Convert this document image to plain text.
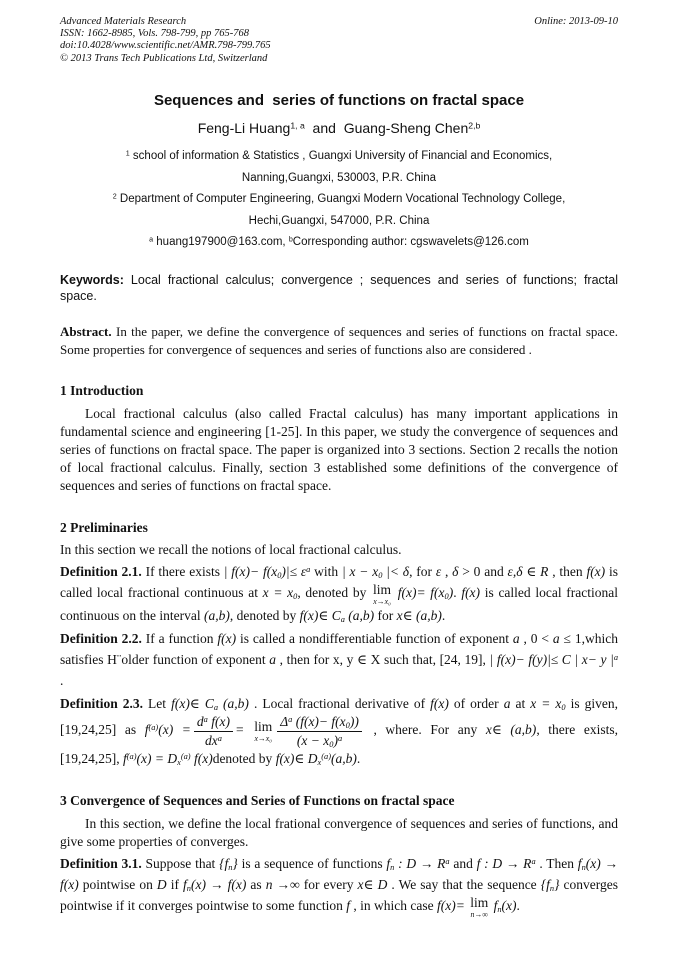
Advanced Materials Research
ISSN: 1662-8985, Vols. 798-799, pp 765-768
doi:10.4028/www.scientific.net/AMR.798-799.765
© 2013 Trans Tech Publications Ltd, Switzerland
Online: 2013-09-10
Sequences and  series of functions on fractal space
Feng-Li Huang$^{1, a}$  and  Guang-Sheng Chen$^{2,b}$
$^1$ school of information & Statistics , Guangxi University of Financial and Economics,
Nanning,Guangxi, 530003, P.R. China
$^2$ Department of Computer Engineering, Guangxi Modern Vocational Technology College,
Hechi,Guangxi, 547000, P.R. China
$^a$ huang197900@163.com, $^b$Corresponding author: cgswavelets@126.com

Keywords: Local fractional calculus; convergence ; sequences and series of functions; fractal space.

Abstract. In the paper, we define the convergence of sequences and series of functions on fractal space. Some properties for convergence of sequences and series of functions also are considered .

1 Introduction

Local fractional calculus (also called Fractal calculus) has many important applications in fundamental science and engineering [1-25]. In this paper, we study the convergence of sequences and series of functions on fractal space. The paper is organized into 3 sections. Section 2 recalls the notion of local fractional calculus. Finally, section 3 established some definitions of the convergence of sequences and series of functions on fractal space.

2 Preliminaries

In this section we recall the notions of local fractional calculus.

Definition 2.1. If there exists | $f(x)- f(x0)|\le \varepsilon^a$ with | x − x0 |< δ, for ε , δ > 0 and ε,δ ∈ R , then f(x) is called local fractional continuous at x = x0, denoted by lim
x→x₀
f(x)= f(x0). f(x) is called local fractional continuous on the interval (a,b), denoted by f(x)∈ Ca (a,b) for x∈ (a,b).

Definition 2.2. If a function f(x) is called a nondifferentiable function of exponent a , 0 < a ≤ 1,which satisfies H¨older function of exponent a , then for x, y ∈ X such that, [24, 19], | f(x)− f(y)|≤ C | x− y $|^a$ .

Definition 2.3. Let f(x)∈ Ca (a,b) . Local fractional derivative of f(x) of order a at x = x0 is given, [19,24,25] as $f^{(a)}(x) = \frac{d^a f(x)}{dx^a} = \lim$
$x\to x_0 \frac{\Delta^a (f(x)- f(x0))}{(x - x0)^a}$ , where. For any x∈ (a,b), there exists, [19,24,25], $f^{(a)}(x) = Dx^{(a)}$ f(x)denoted by f(x)∈ Dx$^{(a)}$(a,b).

3 Convergence of Sequences and Series of Functions on fractal space

In this section, we define the local frational convergence of sequences and series of functions, and give some properties of converges.

Definition 3.1. Suppose that {fn} is a sequence of functions fn : $D \to R^a$ and f : $D \to R^a$ . Then fn(x) → f(x) pointwise on D if fn(x) → f(x) as n →∞ for every x∈ D . We say that the sequence {fn} converges pointwise if it converges pointwise to some function f , in which case f(x)= lim
n→∞
fn(x).
